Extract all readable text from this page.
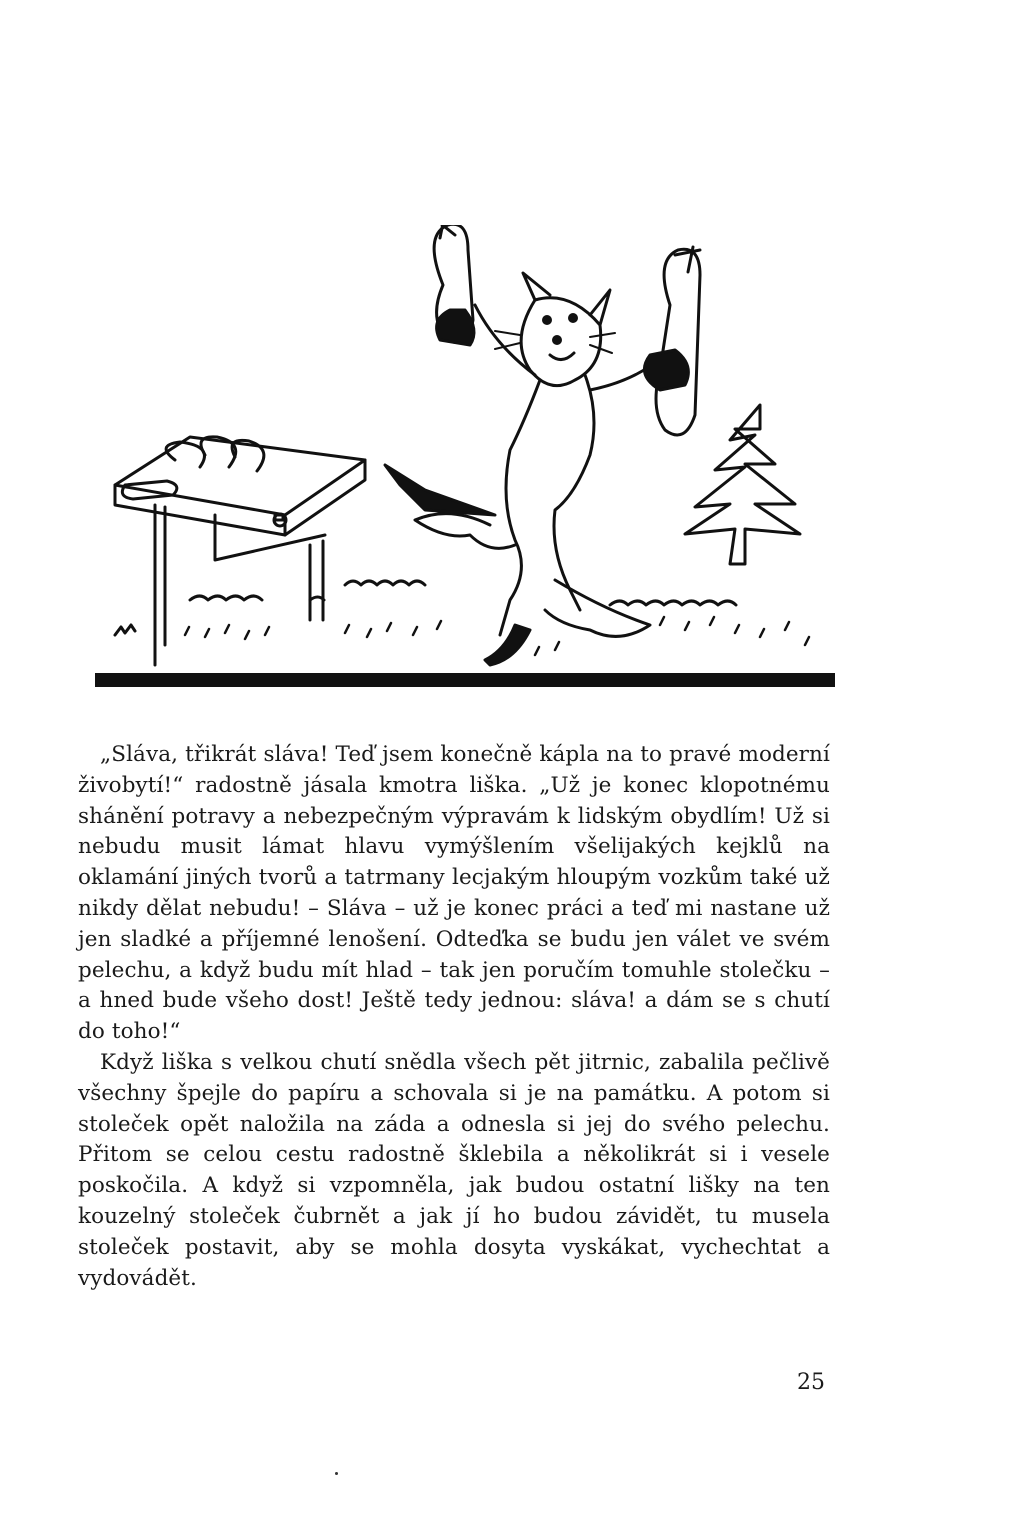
„Sláva, třikrát sláva! Teď jsem konečně kápla na to pravé moderní živobytí!“ radostně jásala kmotra liška. „Už je konec klopotnému shánění potravy a nebezpečným výpravám k lidským obydlím! Už si nebudu musit lámat hlavu vymýšlením všelijakých kejklů na oklamání jiných tvorů a tatrmany lecjakým hloupým vozkům také už nikdy dělat nebudu! – Sláva – už je konec práci a teď mi nastane už jen sladké a příjemné lenošení. Odteďka se budu jen válet ve svém pelechu, a když budu mít hlad – tak jen poručím tomuhle stolečku – a hned bude všeho dost! Ještě tedy jednou: sláva! a dám se s chutí do toho!“

Když liška s velkou chutí snědla všech pět jitrnic, zabalila pečlivě všechny špejle do papíru a schovala si je na památku. A potom si stoleček opět naložila na záda a odnesla si jej do svého pelechu. Přitom se celou cestu radostně šklebila a několikrát si i vesele poskočila. A když si vzpomněla, jak budou ostatní lišky na ten kouzelný stoleček čubrnět a jak jí ho budou závidět, tu musela stoleček postavit, aby se mohla dosyta vyskákat, vychechtat a vydovádět.

25
